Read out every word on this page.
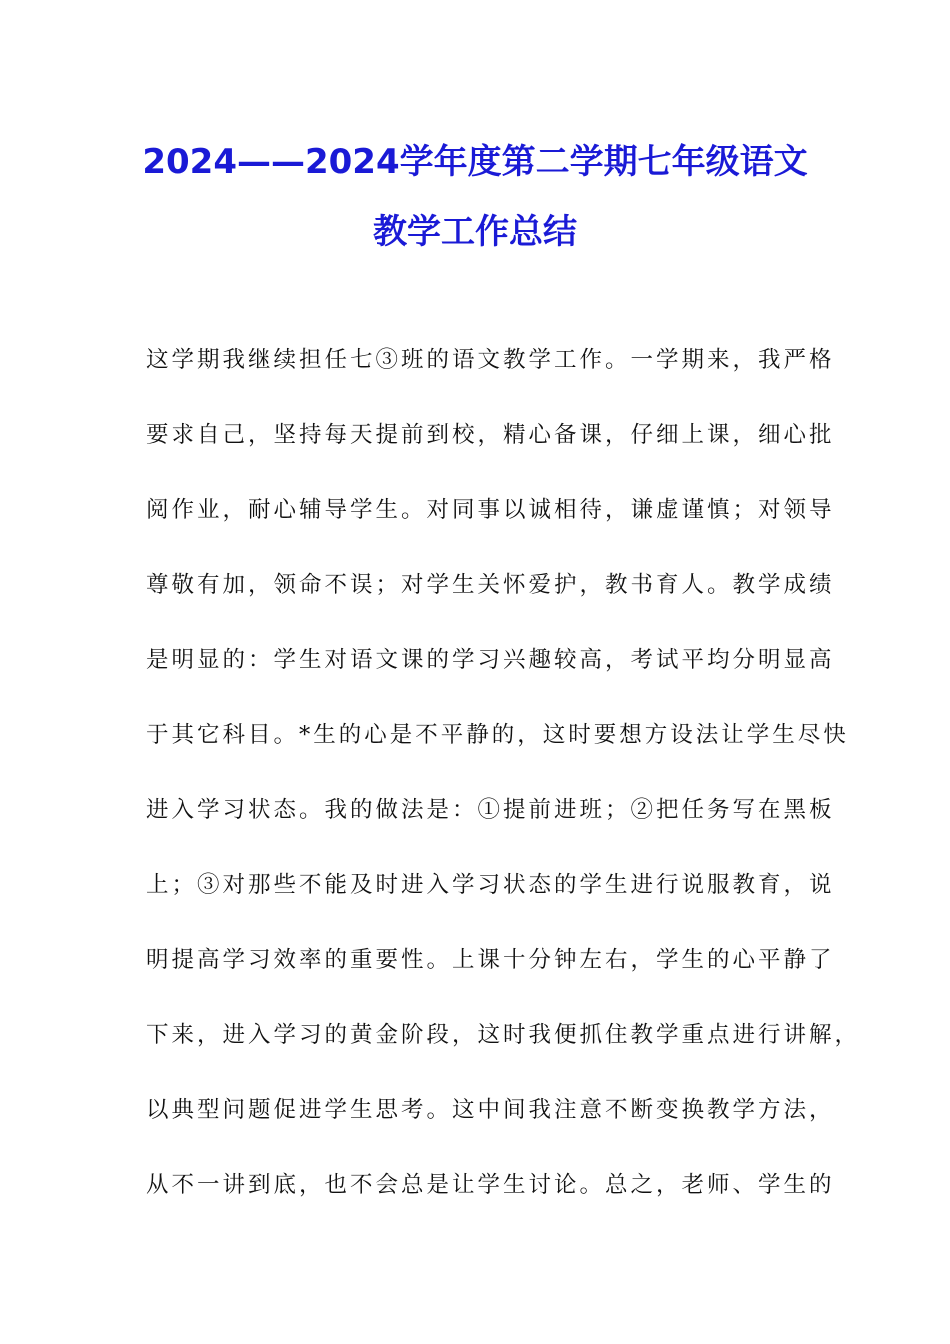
2024——2024学年度第二学期七年级语文
教学工作总结
这学期我继续担任七③班的语文教学工作。一学期来，我严格
要求自己，坚持每天提前到校，精心备课，仔细上课，细心批
阅作业，耐心辅导学生。对同事以诚相待，谦虚谨慎；对领导
尊敬有加，领命不误；对学生关怀爱护，教书育人。教学成绩
是明显的：学生对语文课的学习兴趣较高，考试平均分明显高
于其它科目。*生的心是不平静的，这时要想方设法让学生尽快
进入学习状态。我的做法是：①提前进班；②把任务写在黑板
上；③对那些不能及时进入学习状态的学生进行说服教育，说
明提高学习效率的重要性。上课十分钟左右，学生的心平静了
下来，进入学习的黄金阶段，这时我便抓住教学重点进行讲解，
以典型问题促进学生思考。这中间我注意不断变换教学方法，
从不一讲到底，也不会总是让学生讨论。总之，老师、学生的
